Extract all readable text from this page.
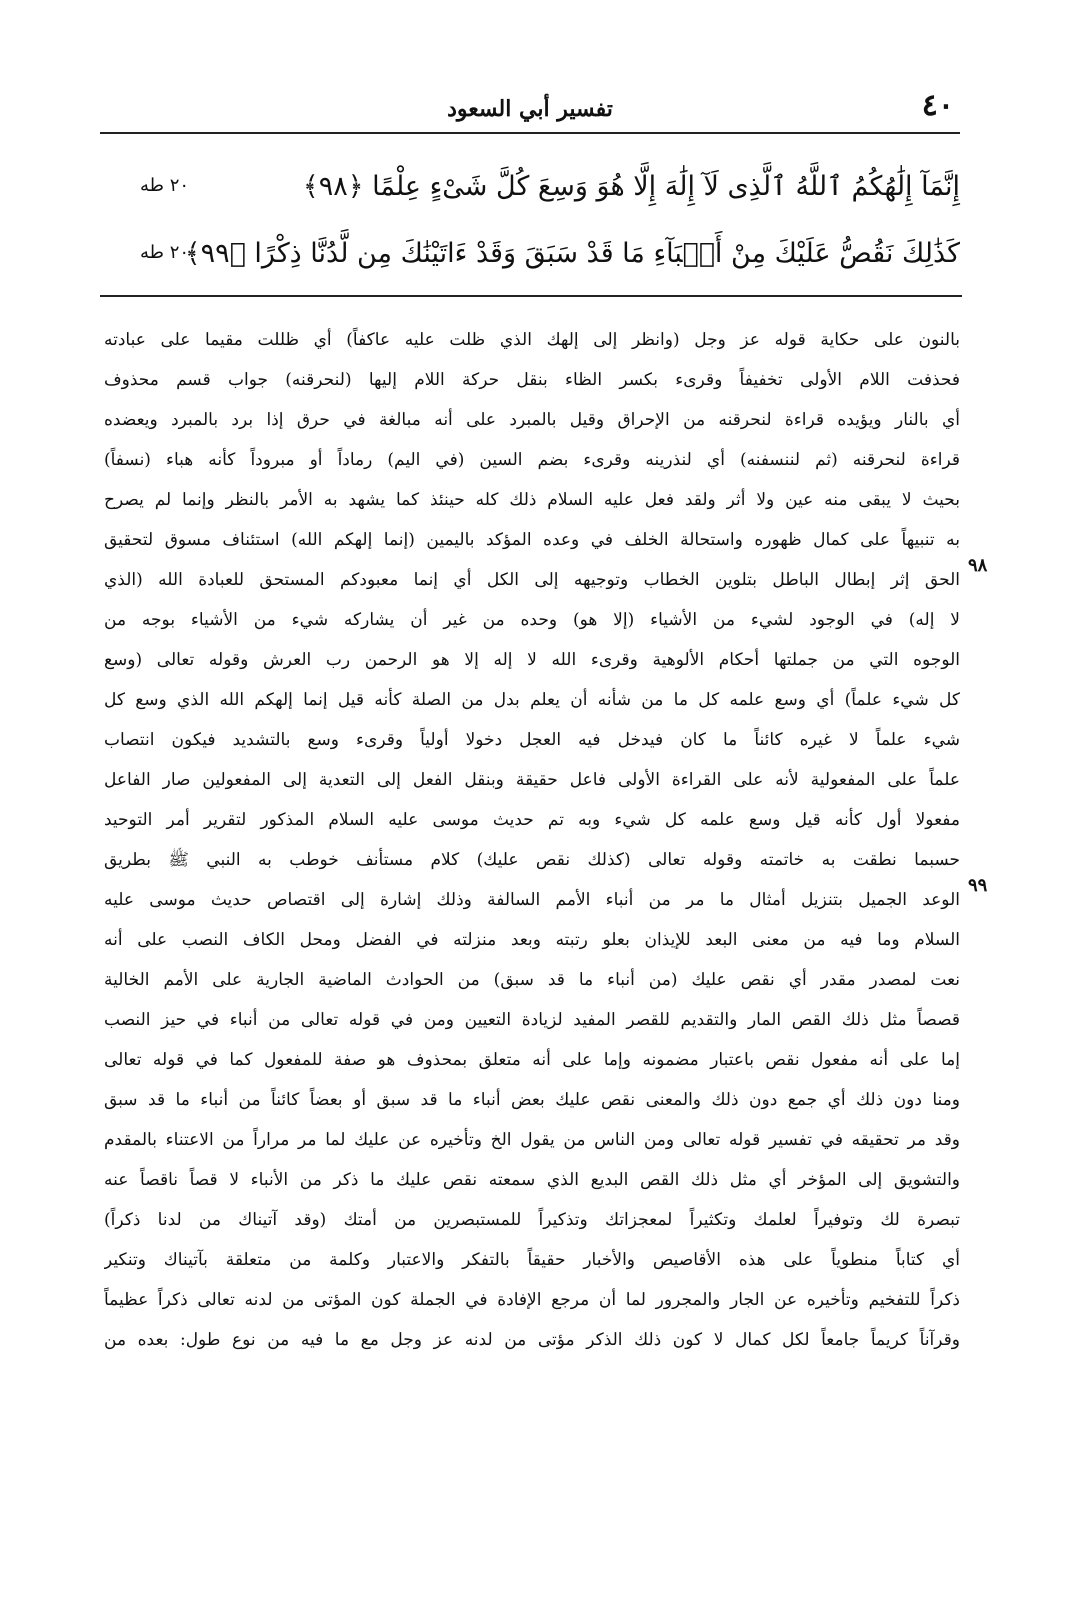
تفسير أبي السعود	٤٠
إِنَّمَآ إِلَٰهُكُمُ ٱللَّهُ ٱلَّذِى لَآ إِلَٰهَ إِلَّا هُوَ وَسِعَ كُلَّ شَىْءٍ عِلْمًا ﴿٩٨﴾
٢٠ طه
كَذَٰلِكَ نَقُصُّ عَلَيْكَ مِنْ أَنۢبَآءِ مَا قَدْ سَبَقَ وَقَدْ ءَاتَيْنَٰكَ مِن لَّدُنَّا ذِكْرًا ﴿٩٩﴾
٢٠ طه
بالنون على حكاية قوله عز وجل (وانظر إلى إلهك الذي ظلت عليه عاكفاً) أي ظللت مقيما على عبادته
فحذفت اللام الأولى تخفيفاً وقرىء بكسر الظاء بنقل حركة اللام إليها (لنحرقنه) جواب قسم محذوف
أي بالنار ويؤيده قراءة لنحرقنه من الإحراق وقيل بالمبرد على أنه مبالغة في حرق إذا برد بالمبرد ويعضده
قراءة لنحرقنه (ثم لننسفنه) أي لنذرينه وقرىء بضم السين (في اليم) رماداً أو مبروداً كأنه هباء (نسفاً)
بحيث لا يبقى منه عين ولا أثر ولقد فعل عليه السلام ذلك كله حينئذ كما يشهد به الأمر بالنظر وإنما لم يصرح
به تنبيهاً على كمال ظهوره واستحالة الخلف في وعده المؤكد باليمين (إنما إلهكم الله) استئناف مسوق لتحقيق
الحق إثر إبطال الباطل بتلوين الخطاب وتوجيهه إلى الكل أي إنما معبودكم المستحق للعبادة الله (الذي
لا إله) في الوجود لشيء من الأشياء (إلا هو) وحده من غير أن يشاركه شيء من الأشياء بوجه من
الوجوه التي من جملتها أحكام الألوهية وقرىء الله لا إله إلا هو الرحمن رب العرش وقوله تعالى (وسع
كل شيء علماً) أي وسع علمه كل ما من شأنه أن يعلم بدل من الصلة كأنه قيل إنما إلهكم الله الذي وسع كل
شيء علماً لا غيره كائناً ما كان فيدخل فيه العجل دخولا أولياً وقرىء وسع بالتشديد فيكون انتصاب
علماً على المفعولية لأنه على القراءة الأولى فاعل حقيقة وبنقل الفعل إلى التعدية إلى المفعولين صار الفاعل
مفعولا أول كأنه قيل وسع علمه كل شيء وبه تم حديث موسى عليه السلام المذكور لتقرير أمر التوحيد
حسبما نطقت به خاتمته وقوله تعالى (كذلك نقص عليك) كلام مستأنف خوطب به النبي ﷺ بطريق
الوعد الجميل بتنزيل أمثال ما مر من أنباء الأمم السالفة وذلك إشارة إلى اقتصاص حديث موسى عليه
السلام وما فيه من معنى البعد للإيذان بعلو رتبته وبعد منزلته في الفضل ومحل الكاف النصب على أنه
نعت لمصدر مقدر أي نقص عليك (من أنباء ما قد سبق) من الحوادث الماضية الجارية على الأمم الخالية
قصصاً مثل ذلك القص المار والتقديم للقصر المفيد لزيادة التعيين ومن في قوله تعالى من أنباء في حيز النصب
إما على أنه مفعول نقص باعتبار مضمونه وإما على أنه متعلق بمحذوف هو صفة للمفعول كما في قوله تعالى
ومنا دون ذلك أي جمع دون ذلك والمعنى نقص عليك بعض أنباء ما قد سبق أو بعضاً كائناً من أنباء ما قد سبق
وقد مر تحقيقه في تفسير قوله تعالى ومن الناس من يقول الخ وتأخيره عن عليك لما مر مراراً من الاعتناء بالمقدم
والتشويق إلى المؤخر أي مثل ذلك القص البديع الذي سمعته نقص عليك ما ذكر من الأنباء لا قصاً ناقصاً عنه
تبصرة لك وتوفيراً لعلمك وتكثيراً لمعجزاتك وتذكيراً للمستبصرين من أمتك (وقد آتيناك من لدنا ذكراً)
أي كتاباً منطوياً على هذه الأقاصيص والأخبار حقيقاً بالتفكر والاعتبار وكلمة من متعلقة بآتيناك وتنكير
ذكراً للتفخيم وتأخيره عن الجار والمجرور لما أن مرجع الإفادة في الجملة كون المؤتى من لدنه تعالى ذكراً عظيماً
وقرآناً كريماً جامعاً لكل كمال لا كون ذلك الذكر مؤتى من لدنه عز وجل مع ما فيه من نوع طول: بعده من
٩٨
٩٩
